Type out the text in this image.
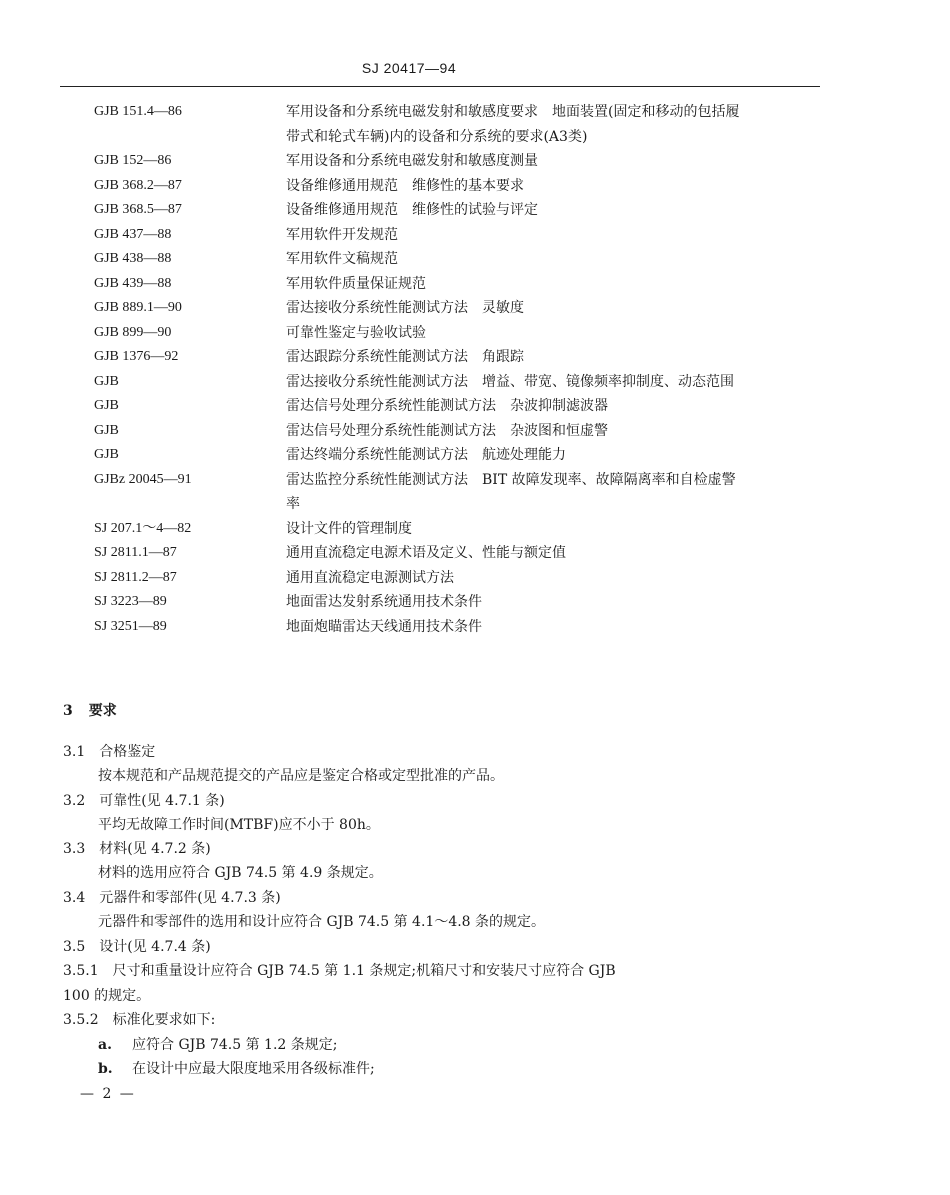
SJ 20417—94
GJB 151.4—86	军用设备和分系统电磁发射和敏感度要求　地面装置(固定和移动的包括履带式和轮式车辆)内的设备和分系统的要求(A3类)
GJB 152—86	军用设备和分系统电磁发射和敏感度测量
GJB 368.2—87	设备维修通用规范　维修性的基本要求
GJB 368.5—87	设备维修通用规范　维修性的试验与评定
GJB 437—88	军用软件开发规范
GJB 438—88	军用软件文稿规范
GJB 439—88	军用软件质量保证规范
GJB 889.1—90	雷达接收分系统性能测试方法　灵敏度
GJB 899—90	可靠性鉴定与验收试验
GJB 1376—92	雷达跟踪分系统性能测试方法　角跟踪
GJB	雷达接收分系统性能测试方法　增益、带宽、镜像频率抑制度、动态范围
GJB	雷达信号处理分系统性能测试方法　杂波抑制滤波器
GJB	雷达信号处理分系统性能测试方法　杂波图和恒虚警
GJB	雷达终端分系统性能测试方法　航迹处理能力
GJBz 20045—91	雷达监控分系统性能测试方法　BIT 故障发现率、故障隔离率和自检虚警率
SJ 207.1～4—82	设计文件的管理制度
SJ 2811.1—87	通用直流稳定电源术语及定义、性能与额定值
SJ 2811.2—87	通用直流稳定电源测试方法
SJ 3223—89	地面雷达发射系统通用技术条件
SJ 3251—89	地面炮瞄雷达天线通用技术条件
3 要求
3.1 合格鉴定
按本规范和产品规范提交的产品应是鉴定合格或定型批准的产品。
3.2 可靠性(见 4.7.1 条)
平均无故障工作时间(MTBF)应不小于 80h。
3.3 材料(见 4.7.2 条)
材料的选用应符合 GJB 74.5 第 4.9 条规定。
3.4 元器件和零部件(见 4.7.3 条)
元器件和零部件的选用和设计应符合 GJB 74.5 第 4.1～4.8 条的规定。
3.5 设计(见 4.7.4 条)
3.5.1 尺寸和重量设计应符合 GJB 74.5 第 1.1 条规定;机箱尺寸和安装尺寸应符合 GJB
100 的规定。
3.5.2 标准化要求如下:
a. 应符合 GJB 74.5 第 1.2 条规定;
b. 在设计中应最大限度地采用各级标准件;
— 2 —
